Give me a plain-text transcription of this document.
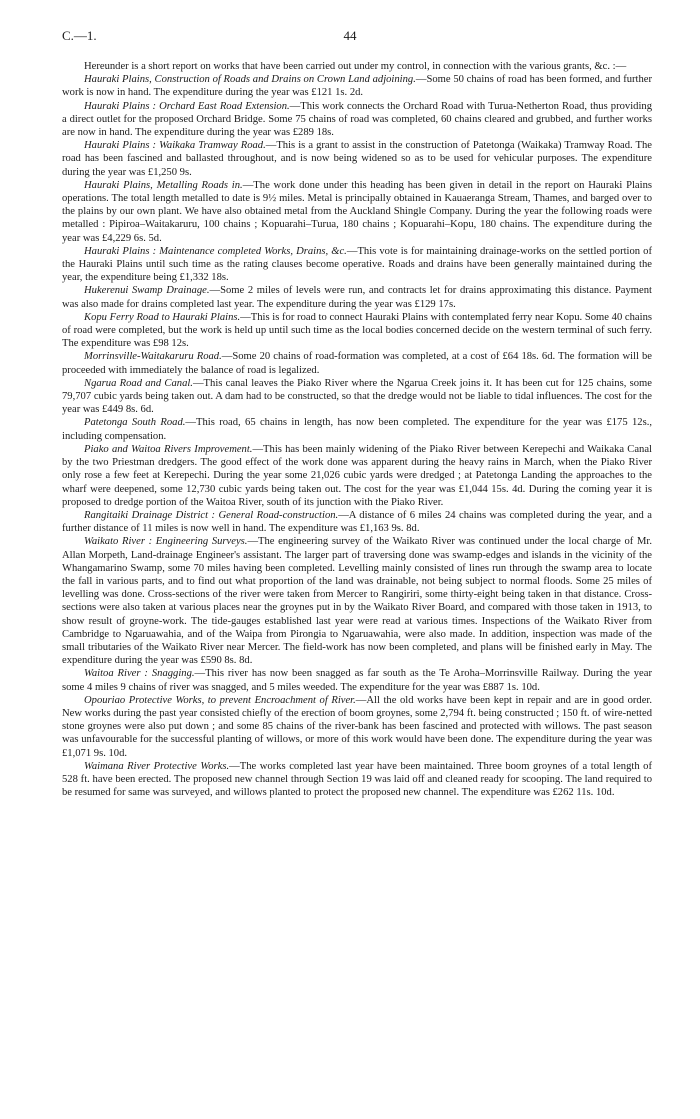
C.—1.	44

Hereunder is a short report on works that have been carried out under my control, in connection with the various grants, &c. :—

Hauraki Plains, Construction of Roads and Drains on Crown Land adjoining.—Some 50 chains of road has been formed, and further work is now in hand. The expenditure during the year was £121 1s. 2d.

Hauraki Plains : Orchard East Road Extension.—This work connects the Orchard Road with Turua-Netherton Road, thus providing a direct outlet for the proposed Orchard Bridge. Some 75 chains of road was completed, 60 chains cleared and grubbed, and further works are now in hand. The expenditure during the year was £289 18s.

Hauraki Plains : Waikaka Tramway Road.—This is a grant to assist in the construction of Patetonga (Waikaka) Tramway Road. The road has been fascined and ballasted throughout, and is now being widened so as to be used for vehicular purposes. The expenditure during the year was £1,250 9s.

Hauraki Plains, Metalling Roads in.—The work done under this heading has been given in detail in the report on Hauraki Plains operations. The total length metalled to date is 9½ miles. Metal is principally obtained in Kauaeranga Stream, Thames, and barged over to the plains by our own plant. We have also obtained metal from the Auckland Shingle Company. During the year the following roads were metalled : Pipiroa–Waitakaruru, 100 chains ; Kopuarahi–Turua, 180 chains ; Kopuarahi–Kopu, 180 chains. The expenditure during the year was £4,229 6s. 5d.

Hauraki Plains : Maintenance completed Works, Drains, &c.—This vote is for maintaining drainage-works on the settled portion of the Hauraki Plains until such time as the rating clauses become operative. Roads and drains have been generally maintained during the year, the expenditure being £1,332 18s.

Hukerenui Swamp Drainage.—Some 2 miles of levels were run, and contracts let for drains approximating this distance. Payment was also made for drains completed last year. The expenditure during the year was £129 17s.

Kopu Ferry Road to Hauraki Plains.—This is for road to connect Hauraki Plains with contemplated ferry near Kopu. Some 40 chains of road were completed, but the work is held up until such time as the local bodies concerned decide on the western terminal of such ferry. The expenditure was £98 12s.

Morrinsville-Waitakaruru Road.—Some 20 chains of road-formation was completed, at a cost of £64 18s. 6d. The formation will be proceeded with immediately the balance of road is legalized.

Ngarua Road and Canal.—This canal leaves the Piako River where the Ngarua Creek joins it. It has been cut for 125 chains, some 79,707 cubic yards being taken out. A dam had to be constructed, so that the dredge would not be liable to tidal influences. The cost for the year was £449 8s. 6d.

Patetonga South Road.—This road, 65 chains in length, has now been completed. The expenditure for the year was £175 12s., including compensation.

Piako and Waitoa Rivers Improvement.—This has been mainly widening of the Piako River between Kerepechi and Waikaka Canal by the two Priestman dredgers. The good effect of the work done was apparent during the heavy rains in March, when the Piako River only rose a few feet at Kerepechi. During the year some 21,026 cubic yards were dredged ; at Patetonga Landing the approaches to the wharf were deepened, some 12,730 cubic yards being taken out. The cost for the year was £1,044 15s. 4d. During the coming year it is proposed to dredge portion of the Waitoa River, south of its junction with the Piako River.

Rangitaiki Drainage District : General Road-construction.—A distance of 6 miles 24 chains was completed during the year, and a further distance of 11 miles is now well in hand. The expenditure was £1,163 9s. 8d.

Waikato River : Engineering Surveys.—The engineering survey of the Waikato River was continued under the local charge of Mr. Allan Morpeth, Land-drainage Engineer's assistant. The larger part of traversing done was swamp-edges and islands in the vicinity of the Whangamarino Swamp, some 70 miles having been completed. Levelling mainly consisted of lines run through the swamp area to locate the fall in various parts, and to find out what proportion of the land was drainable, not being subject to normal floods. Some 25 miles of levelling was done. Cross-sections of the river were taken from Mercer to Rangiriri, some thirty-eight being taken in that distance. Cross-sections were also taken at various places near the groynes put in by the Waikato River Board, and compared with those taken in 1913, to show result of groyne-work. The tide-gauges established last year were read at various times. Inspections of the Waikato River from Cambridge to Ngaruawahia, and of the Waipa from Pirongia to Ngaruawahia, were also made. In addition, inspection was made of the small tributaries of the Waikato River near Mercer. The field-work has now been completed, and plans will be finished early in May. The expenditure during the year was £590 8s. 8d.

Waitoa River : Snagging.—This river has now been snagged as far south as the Te Aroha–Morrinsville Railway. During the year some 4 miles 9 chains of river was snagged, and 5 miles weeded. The expenditure for the year was £887 1s. 10d.

Opouriao Protective Works, to prevent Encroachment of River.—All the old works have been kept in repair and are in good order. New works during the past year consisted chiefly of the erection of boom groynes, some 2,794 ft. being constructed ; 150 ft. of wire-netted stone groynes were also put down ; and some 85 chains of the river-bank has been fascined and protected with willows. The past season was unfavourable for the successful planting of willows, or more of this work would have been done. The expenditure during the year was £1,071 9s. 10d.

Waimana River Protective Works.—The works completed last year have been maintained. Three boom groynes of a total length of 528 ft. have been erected. The proposed new channel through Section 19 was laid off and cleaned ready for scooping. The land required to be resumed for same was surveyed, and willows planted to protect the proposed new channel. The expenditure was £262 11s. 10d.
